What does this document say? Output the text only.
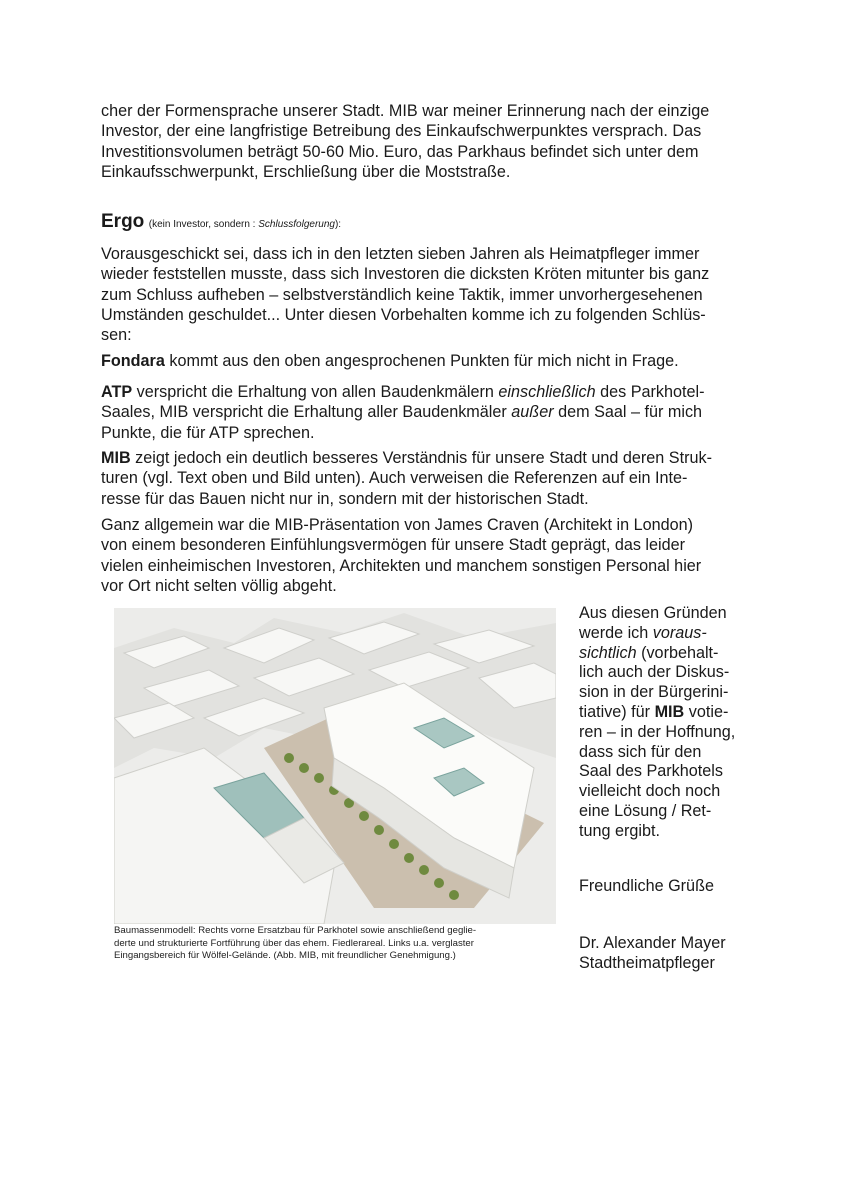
cher der Formensprache unserer Stadt. MIB war meiner Erinnerung nach der einzige
Investor, der eine langfristige Betreibung des Einkaufschwerpunktes versprach. Das
Investitionsvolumen beträgt 50-60 Mio. Euro, das Parkhaus befindet sich unter dem
Einkaufsschwerpunkt, Erschließung über die Moststraße.

Ergo (kein Investor, sondern : Schlussfolgerung):

Vorausgeschickt sei, dass ich in den letzten sieben Jahren als Heimatpfleger immer
wieder feststellen musste, dass sich Investoren die dicksten Kröten mitunter bis ganz
zum Schluss aufheben – selbstverständlich keine Taktik, immer unvorhergesehenen
Umständen geschuldet... Unter diesen Vorbehalten komme ich zu folgenden Schlüs-
sen:

Fondara kommt aus den oben angesprochenen Punkten für mich nicht in Frage.

ATP verspricht die Erhaltung von allen Baudenkmälern einschließlich des Parkhotel-
Saales, MIB verspricht die Erhaltung aller Baudenkmäler außer dem Saal – für mich
Punkte, die für ATP sprechen.

MIB zeigt jedoch ein deutlich besseres Verständnis für unsere Stadt und deren Struk-
turen (vgl. Text oben und Bild unten). Auch verweisen die Referenzen auf ein Inte-
resse für das Bauen nicht nur in, sondern mit der historischen Stadt.

Ganz allgemein war die MIB-Präsentation von James Craven (Architekt in London)
von einem besonderen Einfühlungsvermögen für unsere Stadt geprägt, das leider
vielen einheimischen Investoren, Architekten und manchem sonstigen Personal hier
vor Ort nicht selten völlig abgeht.

Baumassenmodell: Rechts vorne Ersatzbau für Parkhotel sowie anschließend geglie-
derte und strukturierte Fortführung über das ehem. Fiedlerareal. Links u.a. verglaster
Eingangsbereich für Wölfel-Gelände. (Abb. MIB, mit freundlicher Genehmigung.)

Aus diesen Gründen
werde ich voraus-
sichtlich (vorbehalt-
lich auch der Diskus-
sion in der Bürgerini-
tiative) für MIB votie-
ren – in der Hoffnung,
dass sich für den
Saal des Parkhotels
vielleicht doch noch
eine Lösung / Ret-
tung ergibt.

Freundliche Grüße

Dr. Alexander Mayer
Stadtheimatpfleger
